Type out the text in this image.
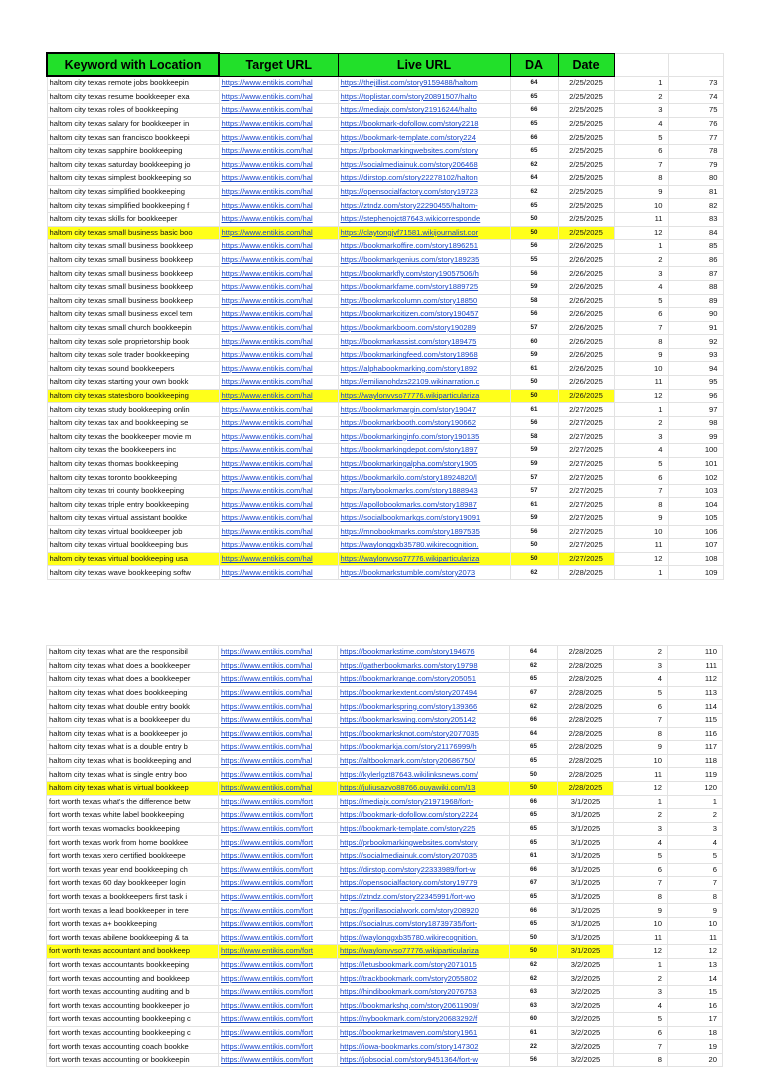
Keyword with Location	Target URL	Live URL	DA	Date		
haltom city texas remote jobs bookkeepin	https://www.entikis.com/hal	https://thejillist.com/story9159488/haltom	64	2/25/2025	1	73
haltom city texas resume bookkeeper exa	https://www.entikis.com/hal	https://toplistar.com/story20891507/halto	65	2/25/2025	2	74
haltom city texas roles of bookkeeping	https://www.entikis.com/hal	https://mediajx.com/story21916244/halto	66	2/25/2025	3	75
haltom city texas salary for bookkeeper in	https://www.entikis.com/hal	https://bookmark-dofollow.com/story2218	65	2/25/2025	4	76
haltom city texas san francisco bookkeepi	https://www.entikis.com/hal	https://bookmark-template.com/story224	66	2/25/2025	5	77
haltom city texas sapphire bookkeeping	https://www.entikis.com/hal	https://prbookmarkingwebsites.com/story	65	2/25/2025	6	78
haltom city texas saturday bookkeeping jo	https://www.entikis.com/hal	https://socialmediainuk.com/story206468	62	2/25/2025	7	79
haltom city texas simplest bookkeeping so	https://www.entikis.com/hal	https://dirstop.com/story22278102/halton	64	2/25/2025	8	80
haltom city texas simplified bookkeeping	https://www.entikis.com/hal	https://opensocialfactory.com/story19723	62	2/25/2025	9	81
haltom city texas simplified bookkeeping f	https://www.entikis.com/hal	https://ztndz.com/story22290455/haltom-	65	2/25/2025	10	82
haltom city texas skills for bookkeeper	https://www.entikis.com/hal	https://stephenojct87643.wikicorresponde	50	2/25/2025	11	83
haltom city texas small business basic boo	https://www.entikis.com/hal	https://claytongjvf71581.wikijournalist.cor	50	2/25/2025	12	84
haltom city texas small business bookkeep	https://www.entikis.com/hal	https://bookmarkoffire.com/story1896251	56	2/26/2025	1	85
haltom city texas small business bookkeep	https://www.entikis.com/hal	https://bookmarkgenius.com/story189235	55	2/26/2025	2	86
haltom city texas small business bookkeep	https://www.entikis.com/hal	https://bookmarkfly.com/story19057506/h	56	2/26/2025	3	87
haltom city texas small business bookkeep	https://www.entikis.com/hal	https://bookmarkfame.com/story1889725	59	2/26/2025	4	88
haltom city texas small business bookkeep	https://www.entikis.com/hal	https://bookmarkcolumn.com/story18850	58	2/26/2025	5	89
haltom city texas small business excel tem	https://www.entikis.com/hal	https://bookmarkcitizen.com/story190457	56	2/26/2025	6	90
haltom city texas small church bookkeepin	https://www.entikis.com/hal	https://bookmarkboom.com/story190289	57	2/26/2025	7	91
haltom city texas sole proprietorship book	https://www.entikis.com/hal	https://bookmarkassist.com/story189475	60	2/26/2025	8	92
haltom city texas sole trader bookkeeping	https://www.entikis.com/hal	https://bookmarkingfeed.com/story18968	59	2/26/2025	9	93
haltom city texas sound bookkeepers	https://www.entikis.com/hal	https://alphabookmarking.com/story1892	61	2/26/2025	10	94
haltom city texas starting your own bookk	https://www.entikis.com/hal	https://emilianohdzs22109.wikinarration.c	50	2/26/2025	11	95
haltom city texas statesboro bookkeeping	https://www.entikis.com/hal	https://waylonvvso77776.wikiparticulariza	50	2/26/2025	12	96
haltom city texas study bookkeeping onlin	https://www.entikis.com/hal	https://bookmarkmargin.com/story19047	61	2/27/2025	1	97
haltom city texas tax and bookkeeping se	https://www.entikis.com/hal	https://bookmarkbooth.com/story190662	56	2/27/2025	2	98
haltom city texas the bookkeeper movie m	https://www.entikis.com/hal	https://bookmarkinginfo.com/story190135	58	2/27/2025	3	99
haltom city texas the bookkeepers inc	https://www.entikis.com/hal	https://bookmarkingdepot.com/story1897	59	2/27/2025	4	100
haltom city texas thomas bookkeeping	https://www.entikis.com/hal	https://bookmarkingalpha.com/story1905	59	2/27/2025	5	101
haltom city texas toronto bookkeeping	https://www.entikis.com/hal	https://bookmarkilo.com/story18924820/l	57	2/27/2025	6	102
haltom city texas tri county bookkeeping	https://www.entikis.com/hal	https://artybookmarks.com/story1888943	57	2/27/2025	7	103
haltom city texas triple entry bookkeeping	https://www.entikis.com/hal	https://apollobookmarks.com/story18987	61	2/27/2025	8	104
haltom city texas virtual assistant bookke	https://www.entikis.com/hal	https://socialbookmarkgs.com/story19091	59	2/27/2025	9	105
haltom city texas virtual bookkeeper job	https://www.entikis.com/hal	https://mnobookmarks.com/story1897535	56	2/27/2025	10	106
haltom city texas virtual bookkeeping bus	https://www.entikis.com/hal	https://waylonqgxb35780.wikirecognition.	50	2/27/2025	11	107
haltom city texas virtual bookkeeping usa	https://www.entikis.com/hal	https://waylonvvso77776.wikiparticulariza	50	2/27/2025	12	108
haltom city texas wave bookkeeping softw	https://www.entikis.com/hal	https://bookmarkstumble.com/story2073	62	2/28/2025	1	109
haltom city texas what are the responsibil	https://www.entikis.com/hal	https://bookmarkstime.com/story194676	64	2/28/2025	2	110
haltom city texas what does a bookkeeper	https://www.entikis.com/hal	https://gatherbookmarks.com/story19798	62	2/28/2025	3	111
haltom city texas what does a bookkeeper	https://www.entikis.com/hal	https://bookmarkrange.com/story205051	65	2/28/2025	4	112
haltom city texas what does bookkeeping	https://www.entikis.com/hal	https://bookmarkextent.com/story207494	67	2/28/2025	5	113
haltom city texas what double entry bookk	https://www.entikis.com/hal	https://bookmarkspring.com/story139366	62	2/28/2025	6	114
haltom city texas what is a bookkeeper du	https://www.entikis.com/hal	https://bookmarkswing.com/story205142	66	2/28/2025	7	115
haltom city texas what is a bookkeeper jo	https://www.entikis.com/hal	https://bookmarksknot.com/story2077035	64	2/28/2025	8	116
haltom city texas what is a double entry b	https://www.entikis.com/hal	https://bookmarkja.com/story21176999/h	65	2/28/2025	9	117
haltom city texas what is bookkeeping and	https://www.entikis.com/hal	https://altbookmark.com/story20686750/	65	2/28/2025	10	118
haltom city texas what is single entry boo	https://www.entikis.com/hal	https://kylerlgzt87643.wikilinksnews.com/	50	2/28/2025	11	119
haltom city texas what is virtual bookkeep	https://www.entikis.com/hal	https://juliusazvo88766.ouyawiki.com/13	50	2/28/2025	12	120
fort worth texas what's the difference betw	https://www.entikis.com/fort	https://mediajx.com/story21971968/fort-	66	3/1/2025	1	1
fort worth texas white label bookkeeping	https://www.entikis.com/fort	https://bookmark-dofollow.com/story2224	65	3/1/2025	2	2
fort worth texas womacks bookkeeping	https://www.entikis.com/fort	https://bookmark-template.com/story225	65	3/1/2025	3	3
fort worth texas work from home bookkee	https://www.entikis.com/fort	https://prbookmarkingwebsites.com/story	65	3/1/2025	4	4
fort worth texas xero certified bookkeepe	https://www.entikis.com/fort	https://socialmediainuk.com/story207035	61	3/1/2025	5	5
fort worth texas year end bookkeeping ch	https://www.entikis.com/fort	https://dirstop.com/story22333989/fort-w	66	3/1/2025	6	6
fort worth texas 60 day bookkeeper login	https://www.entikis.com/fort	https://opensocialfactory.com/story19779	67	3/1/2025	7	7
fort worth texas a bookkeepers first task i	https://www.entikis.com/fort	https://ztndz.com/story22345991/fort-wo	65	3/1/2025	8	8
fort worth texas a lead bookkeeper in tere	https://www.entikis.com/fort	https://gorillasocialwork.com/story208920	66	3/1/2025	9	9
fort worth texas a+ bookkeeping	https://www.entikis.com/fort	https://socialrus.com/story18739735/fort-	65	3/1/2025	10	10
fort worth texas abilene bookkeeping & ta	https://www.entikis.com/fort	https://waylonqgxb35780.wikirecognition.	50	3/1/2025	11	11
fort worth texas accountant and bookkeep	https://www.entikis.com/fort	https://waylonvvso77776.wikiparticulariza	50	3/1/2025	12	12
fort worth texas accountants bookkeeping	https://www.entikis.com/fort	https://letusbookmark.com/story2071015	62	3/2/2025	1	13
fort worth texas accounting and bookkeep	https://www.entikis.com/fort	https://trackbookmark.com/story2055802	62	3/2/2025	2	14
fort worth texas accounting auditing and b	https://www.entikis.com/fort	https://hindibookmark.com/story2076753	63	3/2/2025	3	15
fort worth texas accounting bookkeeper jo	https://www.entikis.com/fort	https://bookmarkshq.com/story20611909/	63	3/2/2025	4	16
fort worth texas accounting bookkeeping c	https://www.entikis.com/fort	https://nybookmark.com/story20683292/f	60	3/2/2025	5	17
fort worth texas accounting bookkeeping c	https://www.entikis.com/fort	https://bookmarketmaven.com/story1961	61	3/2/2025	6	18
fort worth texas accounting coach bookke	https://www.entikis.com/fort	https://iowa-bookmarks.com/story147302	22	3/2/2025	7	19
fort worth texas accounting or bookkeepin	https://www.entikis.com/fort	https://jobsocial.com/story9451364/fort-w	56	3/2/2025	8	20
